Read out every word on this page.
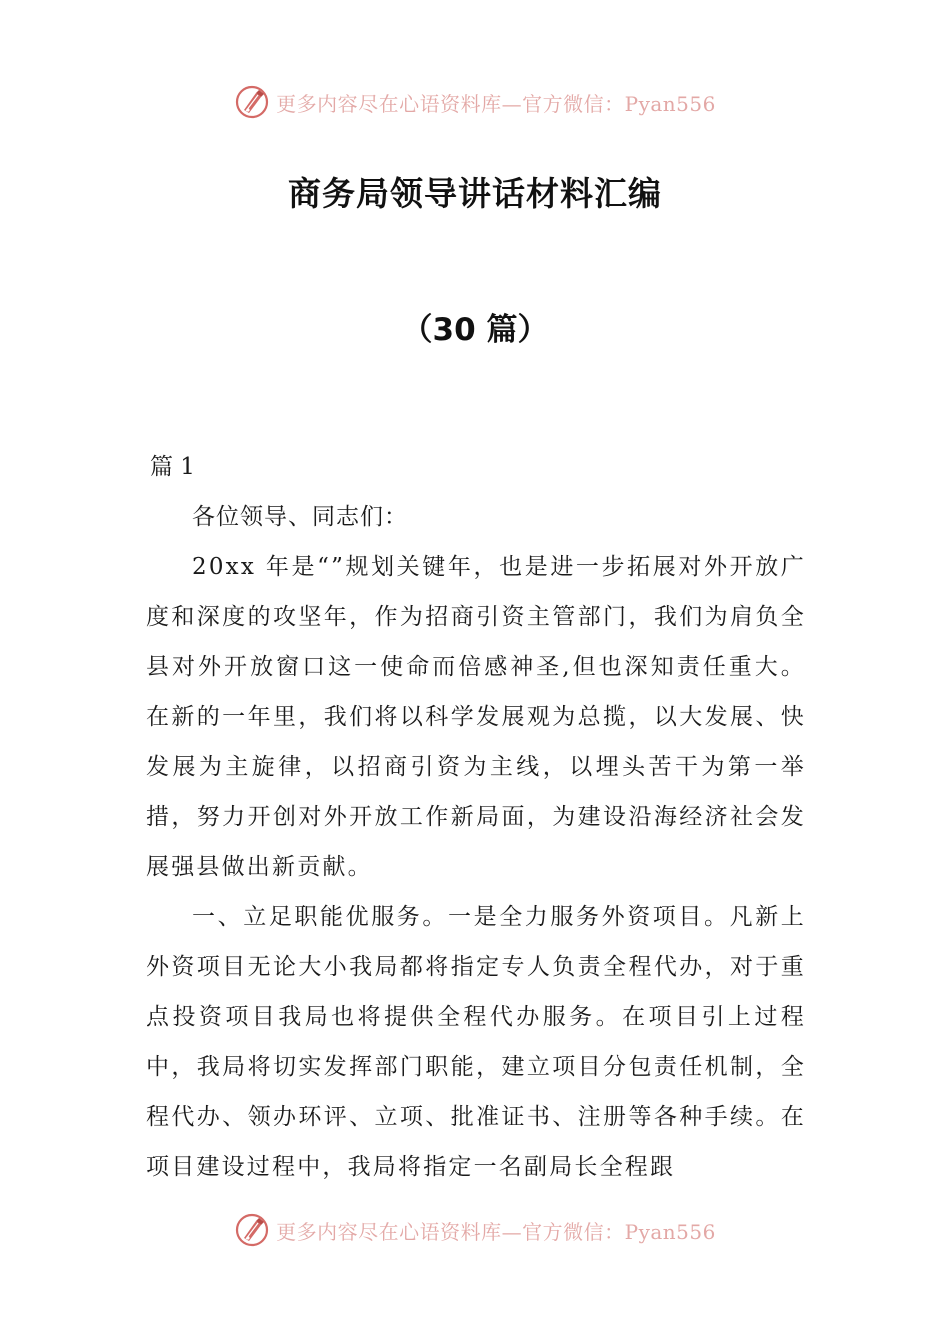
更多内容尽在心语资料库—官方微信：Pyan556
商务局领导讲话材料汇编
（30 篇）

篇 1

各位领导、同志们：

20xx 年是“”规划关键年，也是进一步拓展对外开放广度和深度的攻坚年，作为招商引资主管部门，我们为肩负全县对外开放窗口这一使命而倍感神圣,但也深知责任重大。在新的一年里，我们将以科学发展观为总揽，以大发展、快发展为主旋律，以招商引资为主线，以埋头苦干为第一举措，努力开创对外开放工作新局面，为建设沿海经济社会发展强县做出新贡献。

一、立足职能优服务。一是全力服务外资项目。凡新上外资项目无论大小我局都将指定专人负责全程代办，对于重点投资项目我局也将提供全程代办服务。在项目引上过程中，我局将切实发挥部门职能，建立项目分包责任机制，全程代办、领办环评、立项、批准证书、注册等各种手续。在项目建设过程中，我局将指定一名副局长全程跟

更多内容尽在心语资料库—官方微信：Pyan556
